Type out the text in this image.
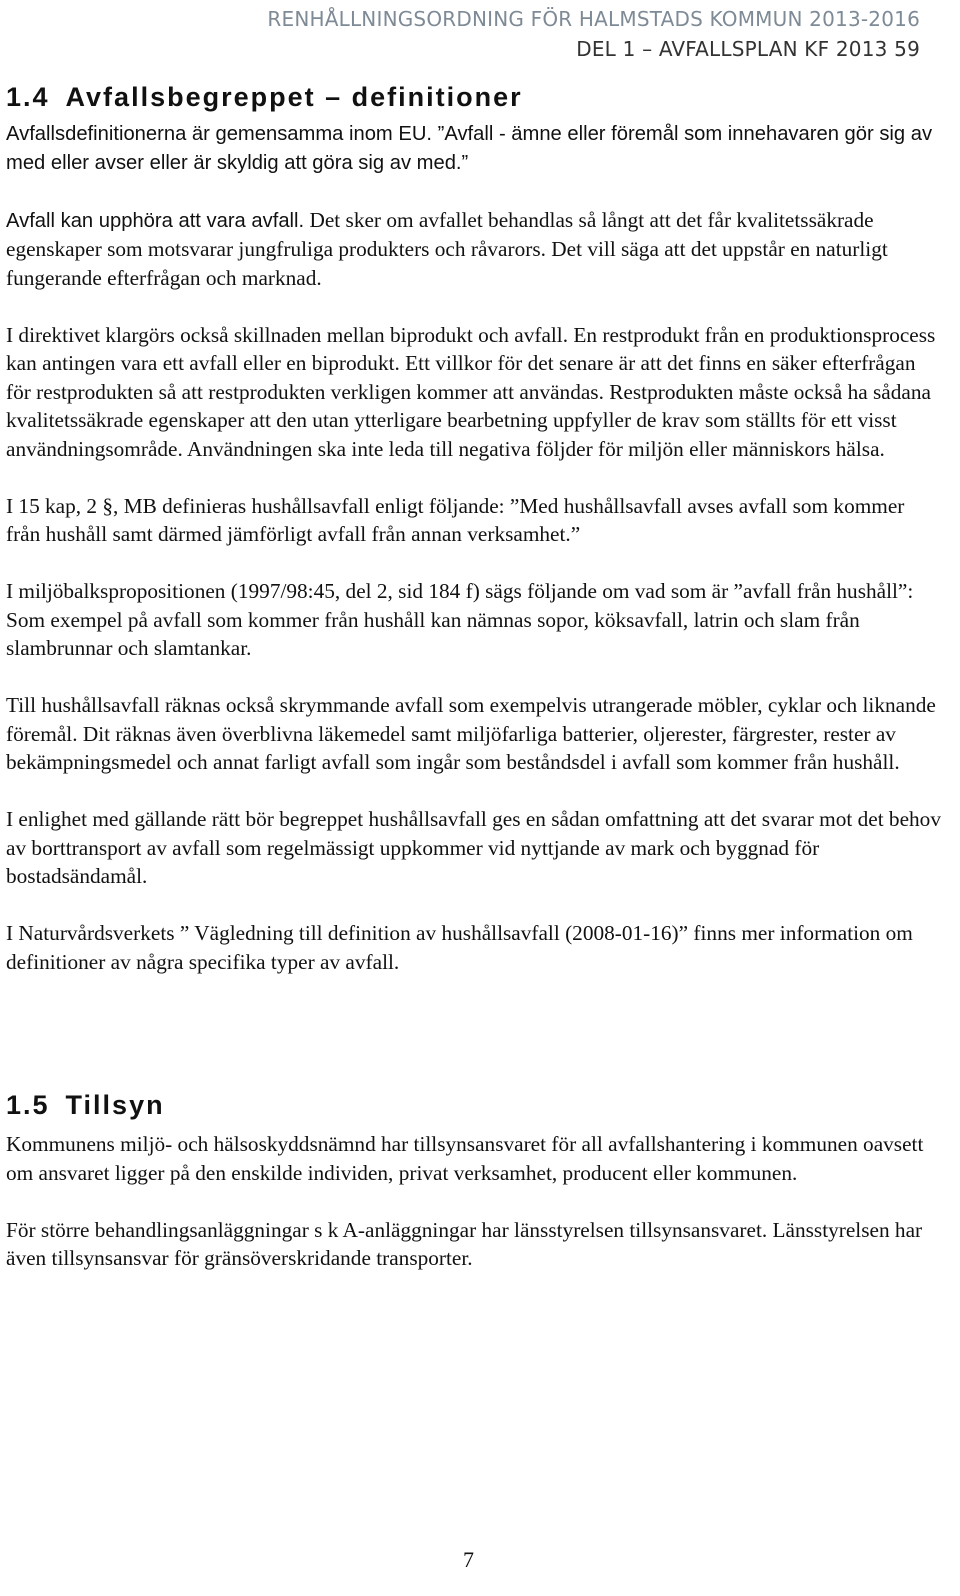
RENHÅLLNINGSORDNING FÖR HALMSTADS KOMMUN 2013-2016
DEL 1 – AVFALLSPLAN KF 2013 59
1.4 Avfallsbegreppet – definitioner

Avfallsdefinitionerna är gemensamma inom EU. ”Avfall - ämne eller föremål som innehavaren gör sig av med eller avser eller är skyldig att göra sig av med.”

Avfall kan upphöra att vara avfall. Det sker om avfallet behandlas så långt att det får kvalitetssäkrade egenskaper som motsvarar jungfruliga produkters och råvarors. Det vill säga att det uppstår en naturligt fungerande efterfrågan och marknad.

I direktivet klargörs också skillnaden mellan biprodukt och avfall. En restprodukt från en produktionsprocess kan antingen vara ett avfall eller en biprodukt. Ett villkor för det senare är att det finns en säker efterfrågan för restprodukten så att restprodukten verkligen kommer att användas. Restprodukten måste också ha sådana kvalitetssäkrade egenskaper att den utan ytterligare bearbetning uppfyller de krav som ställts för ett visst användningsområde. Användningen ska inte leda till negativa följder för miljön eller människors hälsa.

I 15 kap, 2 §, MB definieras hushållsavfall enligt följande: ”Med hushållsavfall avses avfall som kommer från hushåll samt därmed jämförligt avfall från annan verksamhet.”

I miljöbalkspropositionen (1997/98:45, del 2, sid 184 f) sägs följande om vad som är ”avfall från hushåll”:
Som exempel på avfall som kommer från hushåll kan nämnas sopor, köksavfall, latrin och slam från slambrunnar och slamtankar.

Till hushållsavfall räknas också skrymmande avfall som exempelvis utrangerade möbler, cyklar och liknande föremål. Dit räknas även överblivna läkemedel samt miljöfarliga batterier, oljerester, färgrester, rester av bekämpningsmedel och annat farligt avfall som ingår som beståndsdel i avfall som kommer från hushåll.

I enlighet med gällande rätt bör begreppet hushållsavfall ges en sådan omfattning att det svarar mot det behov av borttransport av avfall som regelmässigt uppkommer vid nyttjande av mark och byggnad för bostadsändamål.

I Naturvårdsverkets ” Vägledning till definition av hushållsavfall (2008-01-16)” finns mer information om definitioner av några specifika typer av avfall.

1.5 Tillsyn

Kommunens miljö- och hälsoskyddsnämnd har tillsynsansvaret för all avfallshantering i kommunen oavsett om ansvaret ligger på den enskilde individen, privat verksamhet, producent eller kommunen.

För större behandlingsanläggningar s k A-anläggningar har länsstyrelsen tillsynsansvaret. Länsstyrelsen har även tillsynsansvar för gränsöverskridande transporter.

7
